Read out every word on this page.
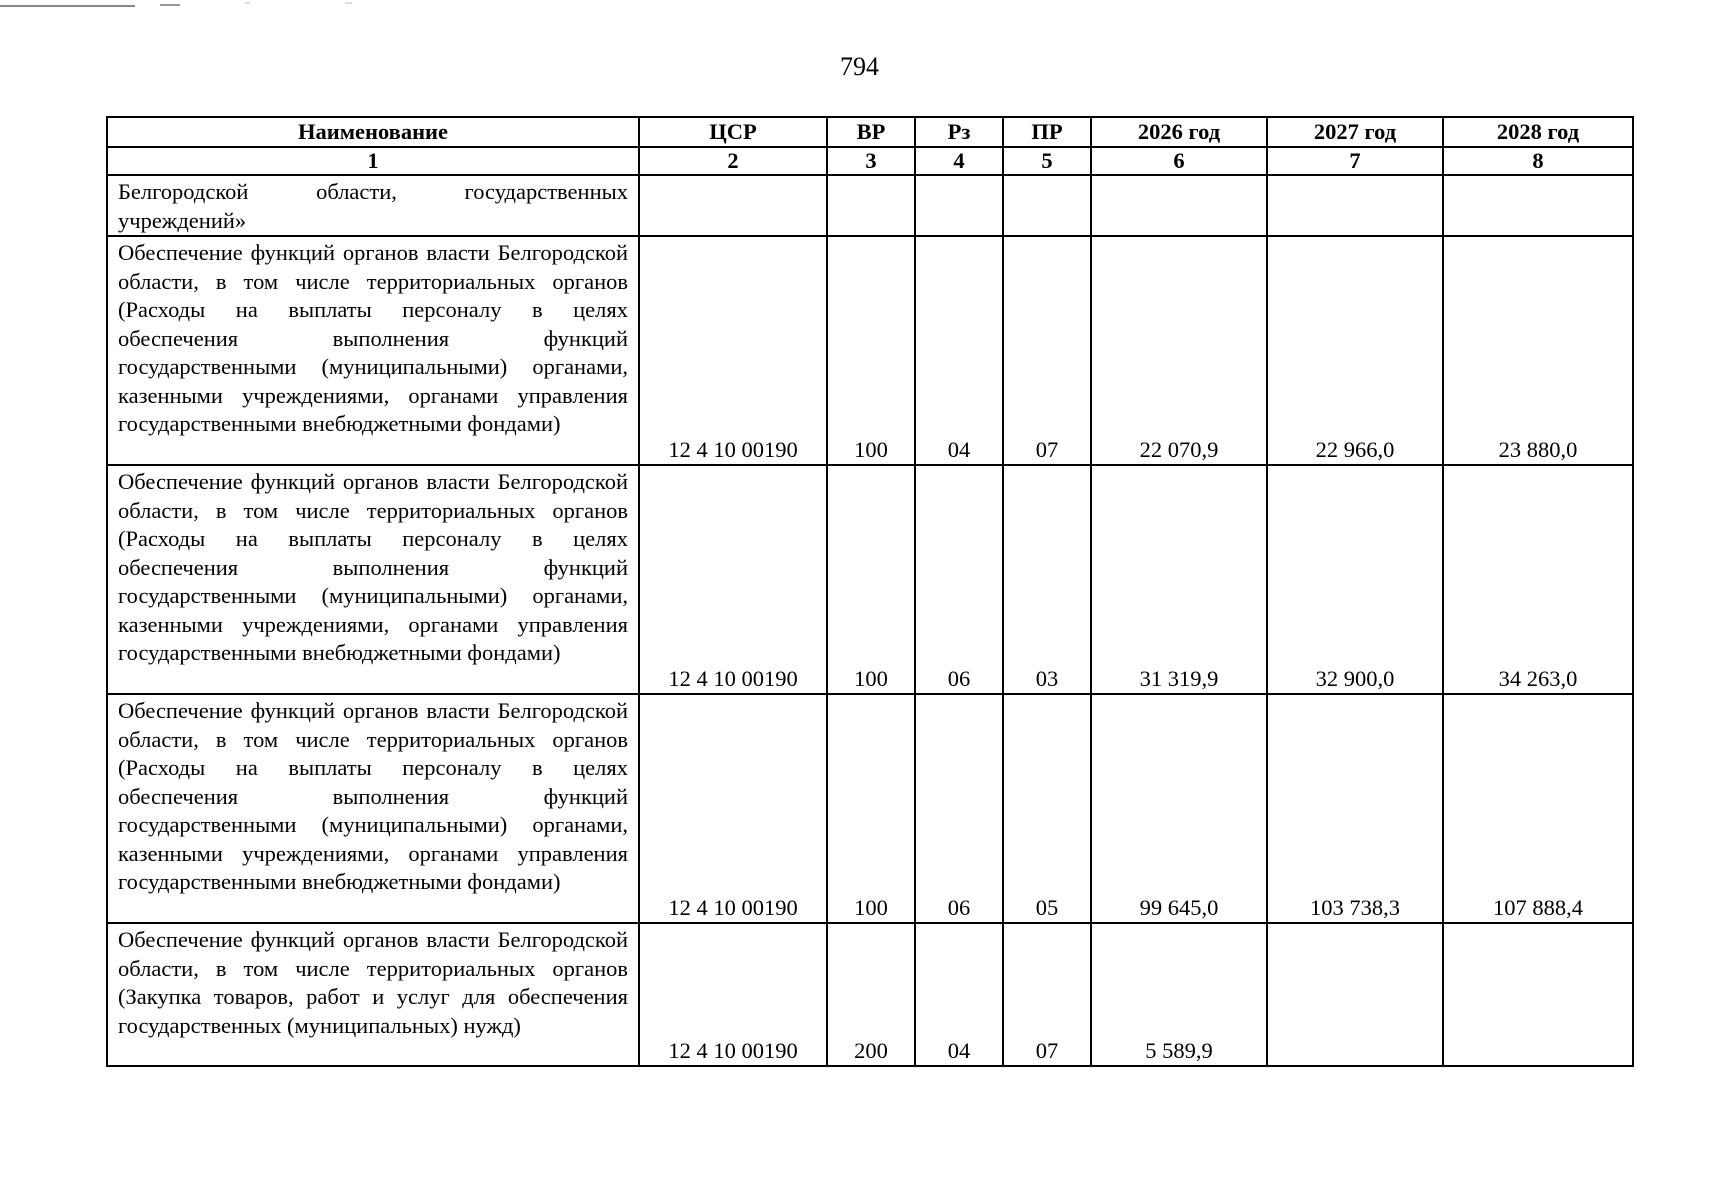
794
Наименование	ЦСР	ВР	Рз	ПР	2026 год	2027 год	2028 год
1	2	3	4	5	6	7	8
Белгородской области, государственных учреждений»							
Обеспечение функций органов власти Белгородской области, в том числе территориальных органов (Расходы на выплаты персоналу в целях обеспечения выполнения функций государственными (муниципальными) органами, казенными учреждениями, органами управления государственными внебюджетными фондами)	12 4 10 00190	100	04	07	22 070,9	22 966,0	23 880,0
Обеспечение функций органов власти Белгородской области, в том числе территориальных органов (Расходы на выплаты персоналу в целях обеспечения выполнения функций государственными (муниципальными) органами, казенными учреждениями, органами управления государственными внебюджетными фондами)	12 4 10 00190	100	06	03	31 319,9	32 900,0	34 263,0
Обеспечение функций органов власти Белгородской области, в том числе территориальных органов (Расходы на выплаты персоналу в целях обеспечения выполнения функций государственными (муниципальными) органами, казенными учреждениями, органами управления государственными внебюджетными фондами)	12 4 10 00190	100	06	05	99 645,0	103 738,3	107 888,4
Обеспечение функций органов власти Белгородской области, в том числе территориальных органов (Закупка товаров, работ и услуг для обеспечения государственных (муниципальных) нужд)	12 4 10 00190	200	04	07	5 589,9		
